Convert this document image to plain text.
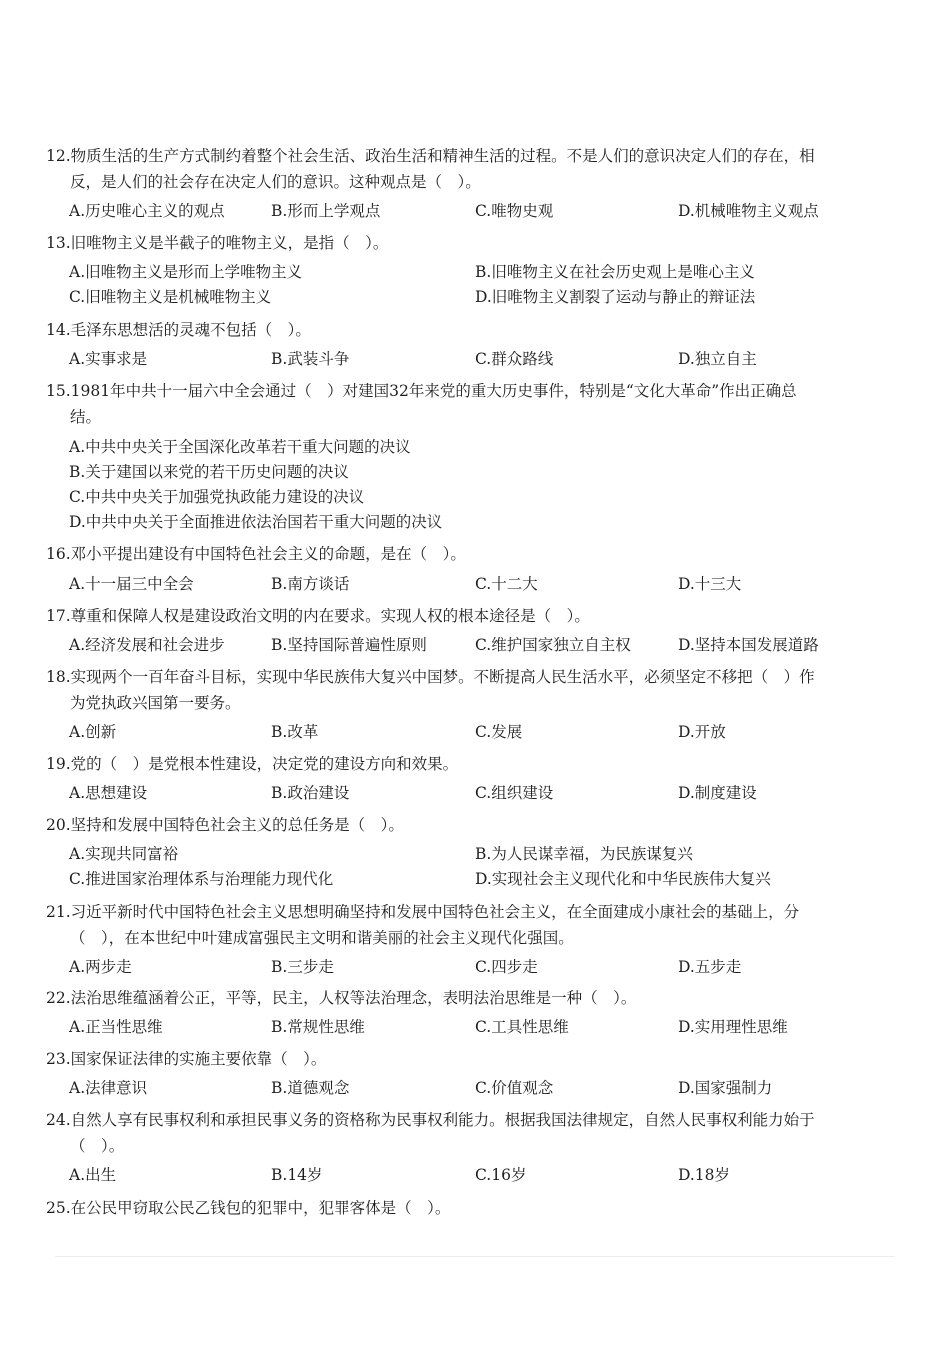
12.物质生活的生产方式制约着整个社会生活、政治生活和精神生活的过程。不是人们的意识决定人们的存在，相

反，是人们的社会存在决定人们的意识。这种观点是（　）。
A.历史唯心主义的观点	B.形而上学观点	C.唯物史观	D.机械唯物主义观点
13.旧唯物主义是半截子的唯物主义，是指（　）。
A.旧唯物主义是形而上学唯物主义	B.旧唯物主义在社会历史观上是唯心主义
C.旧唯物主义是机械唯物主义	D.旧唯物主义割裂了运动与静止的辩证法
14.毛泽东思想活的灵魂不包括（　）。
A.实事求是	B.武装斗争	C.群众路线	D.独立自主
15.1981年中共十一届六中全会通过（　）对建国32年来党的重大历史事件，特别是“文化大革命”作出正确总

结。
A.中共中央关于全国深化改革若干重大问题的决议
B.关于建国以来党的若干历史问题的决议
C.中共中央关于加强党执政能力建设的决议
D.中共中央关于全面推进依法治国若干重大问题的决议
16.邓小平提出建设有中国特色社会主义的命题，是在（　）。
A.十一届三中全会	B.南方谈话	C.十二大	D.十三大
17.尊重和保障人权是建设政治文明的内在要求。实现人权的根本途径是（　）。
A.经济发展和社会进步	B.坚持国际普遍性原则	C.维护国家独立自主权	D.坚持本国发展道路
18.实现两个一百年奋斗目标，实现中华民族伟大复兴中国梦。不断提高人民生活水平，必须坚定不移把（　）作

为党执政兴国第一要务。
A.创新	B.改革	C.发展	D.开放
19.党的（　）是党根本性建设，决定党的建设方向和效果。
A.思想建设	B.政治建设	C.组织建设	D.制度建设
20.坚持和发展中国特色社会主义的总任务是（　）。
A.实现共同富裕	B.为人民谋幸福，为民族谋复兴
C.推进国家治理体系与治理能力现代化	D.实现社会主义现代化和中华民族伟大复兴
21.习近平新时代中国特色社会主义思想明确坚持和发展中国特色社会主义，在全面建成小康社会的基础上，分

（　），在本世纪中叶建成富强民主文明和谐美丽的社会主义现代化强国。
A.两步走	B.三步走	C.四步走	D.五步走
22.法治思维蕴涵着公正，平等，民主，人权等法治理念，表明法治思维是一种（　）。
A.正当性思维	B.常规性思维	C.工具性思维	D.实用理性思维
23.国家保证法律的实施主要依靠（　）。
A.法律意识	B.道德观念	C.价值观念	D.国家强制力
24.自然人享有民事权利和承担民事义务的资格称为民事权利能力。根据我国法律规定，自然人民事权利能力始于

（　）。
A.出生	B.14岁	C.16岁	D.18岁
25.在公民甲窃取公民乙钱包的犯罪中，犯罪客体是（　）。
